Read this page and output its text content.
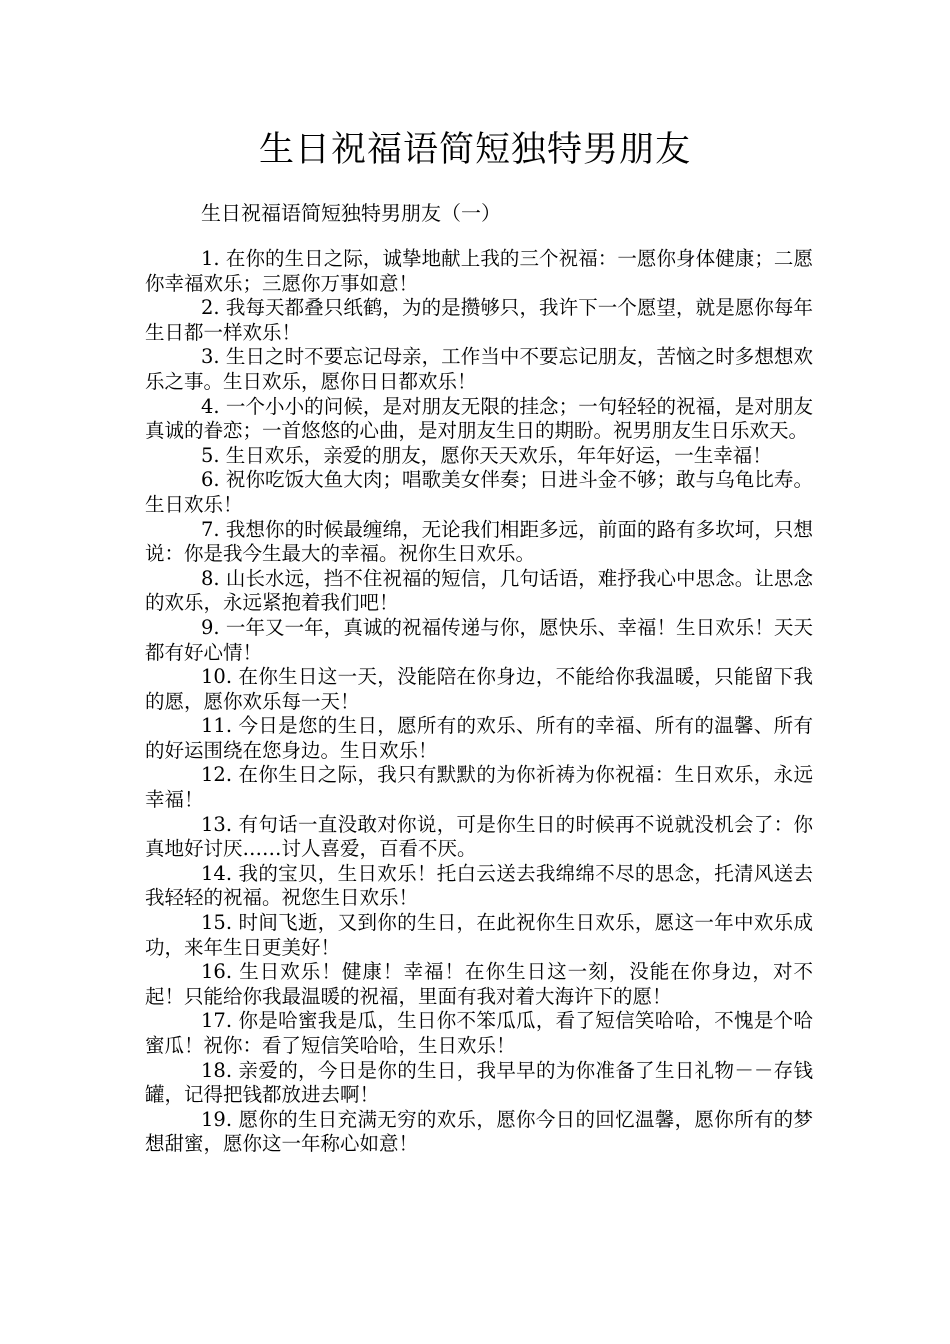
生日祝福语简短独特男朋友
生日祝福语简短独特男朋友（一）
1. 在你的生日之际，诚挚地献上我的三个祝福：一愿你身体健康；二愿你幸福欢乐；三愿你万事如意！
2. 我每天都叠只纸鹤，为的是攒够只，我许下一个愿望，就是愿你每年生日都一样欢乐！
3. 生日之时不要忘记母亲，工作当中不要忘记朋友，苦恼之时多想想欢乐之事。生日欢乐，愿你日日都欢乐！
4. 一个小小的问候，是对朋友无限的挂念；一句轻轻的祝福，是对朋友真诚的眷恋；一首悠悠的心曲，是对朋友生日的期盼。祝男朋友生日乐欢天。
5. 生日欢乐，亲爱的朋友，愿你天天欢乐，年年好运，一生幸福！
6. 祝你吃饭大鱼大肉；唱歌美女伴奏；日进斗金不够；敢与乌龟比寿。生日欢乐！
7. 我想你的时候最缠绵，无论我们相距多远，前面的路有多坎坷，只想说：你是我今生最大的幸福。祝你生日欢乐。
8. 山长水远，挡不住祝福的短信，几句话语，难抒我心中思念。让思念的欢乐，永远紧抱着我们吧！
9. 一年又一年，真诚的祝福传递与你，愿快乐、幸福！生日欢乐！天天都有好心情！
10. 在你生日这一天，没能陪在你身边，不能给你我温暖，只能留下我的愿，愿你欢乐每一天！
11. 今日是您的生日，愿所有的欢乐、所有的幸福、所有的温馨、所有的好运围绕在您身边。生日欢乐！
12. 在你生日之际，我只有默默的为你祈祷为你祝福：生日欢乐，永远幸福！
13. 有句话一直没敢对你说，可是你生日的时候再不说就没机会了：你真地好讨厌……讨人喜爱，百看不厌。
14. 我的宝贝，生日欢乐！托白云送去我绵绵不尽的思念，托清风送去我轻轻的祝福。祝您生日欢乐！
15. 时间飞逝，又到你的生日，在此祝你生日欢乐，愿这一年中欢乐成功，来年生日更美好！
16. 生日欢乐！健康！幸福！在你生日这一刻，没能在你身边，对不起！只能给你我最温暖的祝福，里面有我对着大海许下的愿！
17. 你是哈蜜我是瓜，生日你不笨瓜瓜，看了短信笑哈哈，不愧是个哈蜜瓜！祝你：看了短信笑哈哈，生日欢乐！
18. 亲爱的，今日是你的生日，我早早的为你准备了生日礼物－－存钱罐，记得把钱都放进去啊！
19. 愿你的生日充满无穷的欢乐，愿你今日的回忆温馨，愿你所有的梦想甜蜜，愿你这一年称心如意！
